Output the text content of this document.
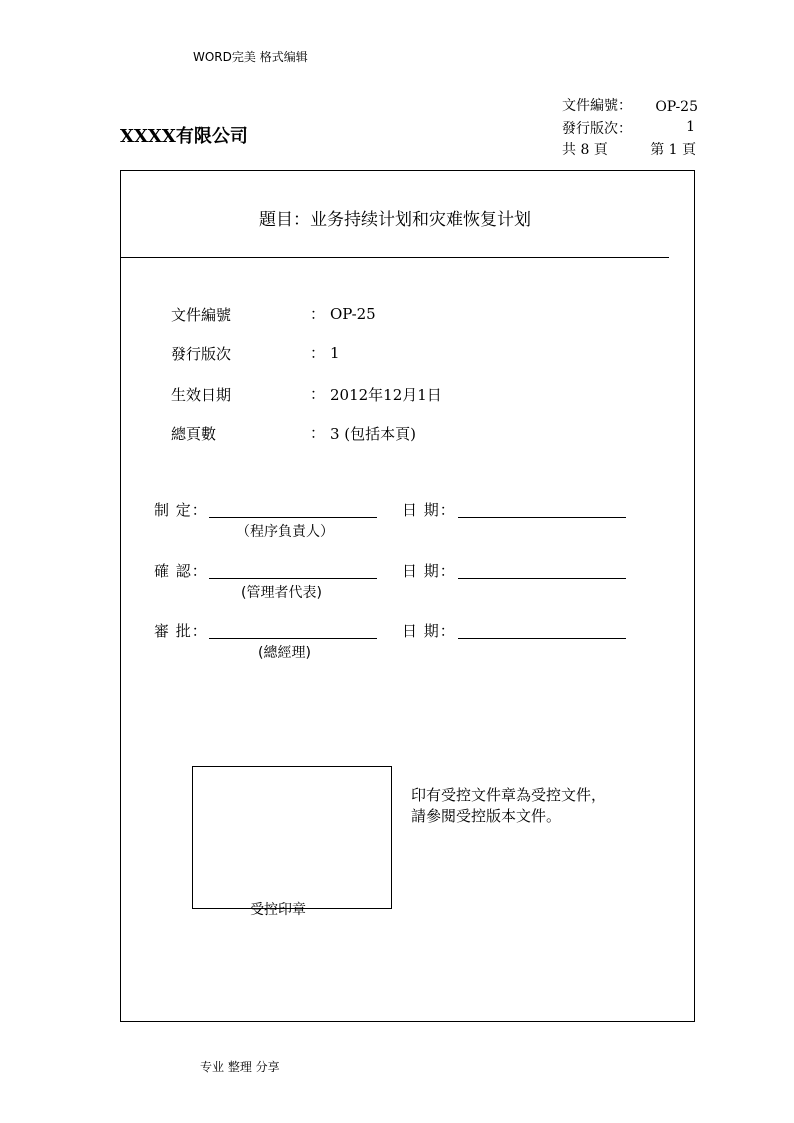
WORD完美 格式编辑
XXXX有限公司
文件編號：	OP-25
發行版次：	1
共 8 頁	第 1 頁
題目：业务持续计划和灾难恢复计划
文件編號	： OP-25
發行版次	： 1
生效日期	： 2012年12月1日
總頁數	： 3 (包括本頁)
制 定：	日 期：
（程序負責人）
確 認：	日 期：
(管理者代表)
審 批：	日 期：
(總經理)
受控印章
印有受控文件章為受控文件，
請參閱受控版本文件。
专业 整理 分享
